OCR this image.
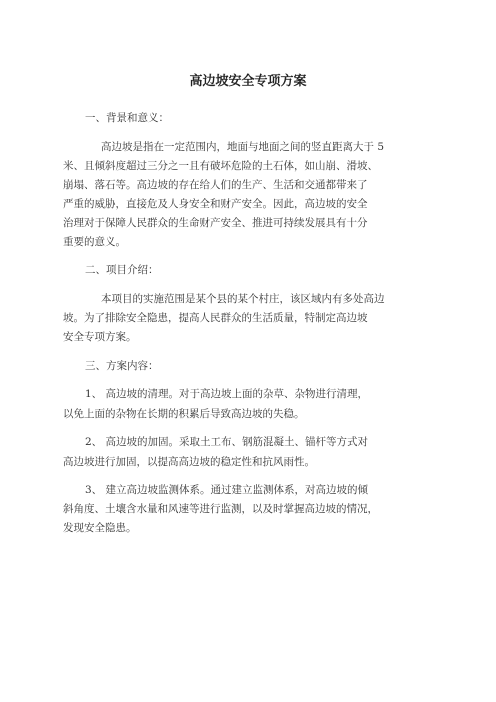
高边坡安全专项方案
一、背景和意义：
高边坡是指在一定范围内，地面与地面之间的竖直距离大于 5
米、且倾斜度超过三分之一且有破坏危险的土石体，如山崩、滑坡、
崩塌、落石等。高边坡的存在给人们的生产、生活和交通都带来了
严重的威胁，直接危及人身安全和财产安全。因此，高边坡的安全
治理对于保障人民群众的生命财产安全、推进可持续发展具有十分
重要的意义。
二、项目介绍：
本项目的实施范围是某个县的某个村庄，该区域内有多处高边
坡。为了排除安全隐患，提高人民群众的生活质量，特制定高边坡
安全专项方案。
三、方案内容：
1、 高边坡的清理。对于高边坡上面的杂草、杂物进行清理，
以免上面的杂物在长期的积累后导致高边坡的失稳。
2、 高边坡的加固。采取土工布、钢筋混凝土、锚杆等方式对
高边坡进行加固，以提高高边坡的稳定性和抗风雨性。
3、 建立高边坡监测体系。通过建立监测体系，对高边坡的倾
斜角度、土壤含水量和风速等进行监测，以及时掌握高边坡的情况，
发现安全隐患。
